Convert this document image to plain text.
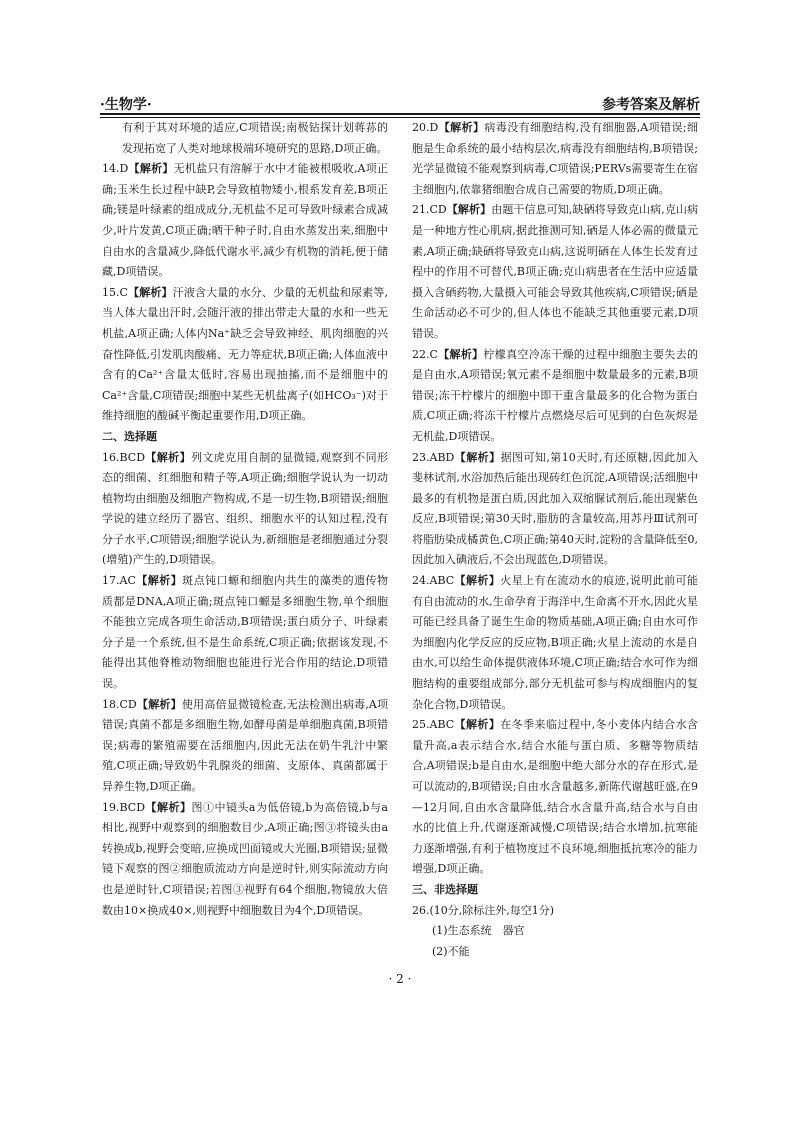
·生物学·	参考答案及解析

有利于其对环境的适应,C项错误;南极钻探计划蒋荪的发现拓宽了人类对地球极端环境研究的思路,D项正确。

14.D【解析】无机盐只有溶解于水中才能被根吸收,A项正确;玉米生长过程中缺P,会导致植物矮小,根系发育差,B项正确;镁是叶绿素的组成成分,无机盐不足可导致叶绿素合成减少,叶片发黄,C项正确;晒干种子时,自由水蒸发出来,细胞中自由水的含量减少,降低代谢水平,减少有机物的消耗,便于储藏,D项错误。

15.C【解析】汗液含大量的水分、少量的无机盐和尿素等,当人体大量出汗时,会随汗液的排出带走大量的水和一些无机盐,A项正确;人体内Na⁺缺乏会导致神经、肌肉细胞的兴奋性降低,引发肌肉酸痛、无力等症状,B项正确;人体血液中含有的Ca²⁺含量太低时,容易出现抽搐,而不是细胞中的Ca²⁺含量,C项错误;细胞中某些无机盐离子(如HCO₃⁻)对于维持细胞的酸碱平衡起重要作用,D项正确。

二、选择题

16.BCD【解析】列文虎克用自制的显微镜,观察到不同形态的细菌、红细胞和精子等,A项正确;细胞学说认为一切动植物均由细胞及细胞产物构成,不是一切生物,B项错误;细胞学说的建立经历了器官、组织、细胞水平的认知过程,没有分子水平,C项错误;细胞学说认为,新细胞是老细胞通过分裂(增殖)产生的,D项错误。

17.AC【解析】斑点钝口螈和细胞内共生的藻类的遗传物质都是DNA,A项正确;斑点钝口螈是多细胞生物,单个细胞不能独立完成各项生命活动,B项错误;蛋白质分子、叶绿素分子是一个系统,但不是生命系统,C项正确;依据该发现,不能得出其他脊椎动物细胞也能进行光合作用的结论,D项错误。

18.CD【解析】使用高倍显微镜检查,无法检测出病毒,A项错误;真菌不都是多细胞生物,如酵母菌是单细胞真菌,B项错误;病毒的繁殖需要在活细胞内,因此无法在奶牛乳汁中繁殖,C项正确;导致奶牛乳腺炎的细菌、支原体、真菌都属于异养生物,D项正确。

19.BCD【解析】图①中镜头a为低倍镜,b为高倍镜,b与a相比,视野中观察到的细胞数目少,A项正确;图③将镜头由a转换成b,视野会变暗,应换成凹面镜或大光圈,B项错误;显微镜下观察的图②细胞质流动方向是逆时针,则实际流动方向也是逆时针,C项错误;若图③视野有64个细胞,物镜放大倍数由10×换成40×,则视野中细胞数目为4个,D项错误。

20.D【解析】病毒没有细胞结构,没有细胞器,A项错误;细胞是生命系统的最小结构层次,病毒没有细胞结构,B项错误;光学显微镜不能观察到病毒,C项错误;PERVs需要寄生在宿主细胞内,依靠猪细胞合成自己需要的物质,D项正确。

21.CD【解析】由题干信息可知,缺硒将导致克山病,克山病是一种地方性心肌病,据此推测可知,硒是人体必需的微量元素,A项正确;缺硒将导致克山病,这说明硒在人体生长发育过程中的作用不可替代,B项正确;克山病患者在生活中应适量摄入含硒药物,大量摄入可能会导致其他疾病,C项错误;硒是生命活动必不可少的,但人体也不能缺乏其他重要元素,D项错误。

22.C【解析】柠檬真空冷冻干燥的过程中细胞主要失去的是自由水,A项错误;氧元素不是细胞中数量最多的元素,B项错误;冻干柠檬片的细胞中即干重含量最多的化合物为蛋白质,C项正确;将冻干柠檬片点燃烧尽后可见到的白色灰烬是无机盐,D项错误。

23.ABD【解析】据图可知,第10天时,有还原糖,因此加入斐林试剂,水浴加热后能出现砖红色沉淀,A项错误;活细胞中最多的有机物是蛋白质,因此加入双缩脲试剂后,能出现紫色反应,B项错误;第30天时,脂肪的含量较高,用苏丹Ⅲ试剂可将脂肪染成橘黄色,C项正确;第40天时,淀粉的含量降低至0,因此加入碘液后,不会出现蓝色,D项错误。

24.ABC【解析】火星上有在流动水的痕迹,说明此前可能有自由流动的水,生命孕育于海洋中,生命离不开水,因此火星可能已经具备了诞生生命的物质基础,A项正确;自由水可作为细胞内化学反应的反应物,B项正确;火星上流动的水是自由水,可以给生命体提供液体环境,C项正确;结合水可作为细胞结构的重要组成部分,部分无机盐可参与构成细胞内的复杂化合物,D项错误。

25.ABC【解析】在冬季来临过程中,冬小麦体内结合水含量升高,a表示结合水,结合水能与蛋白质、多糖等物质结合,A项错误;b是自由水,是细胞中绝大部分水的存在形式,是可以流动的,B项错误;自由水含量越多,新陈代谢越旺盛,在9—12月间,自由水含量降低,结合水含量升高,结合水与自由水的比值上升,代谢逐渐减慢,C项错误;结合水增加,抗寒能力逐渐增强,有利于植物度过不良环境,细胞抵抗寒冷的能力增强,D项正确。

三、非选择题

26.(10分,除标注外,每空1分)

(1)生态系统　器官

(2)不能

· 2 ·
